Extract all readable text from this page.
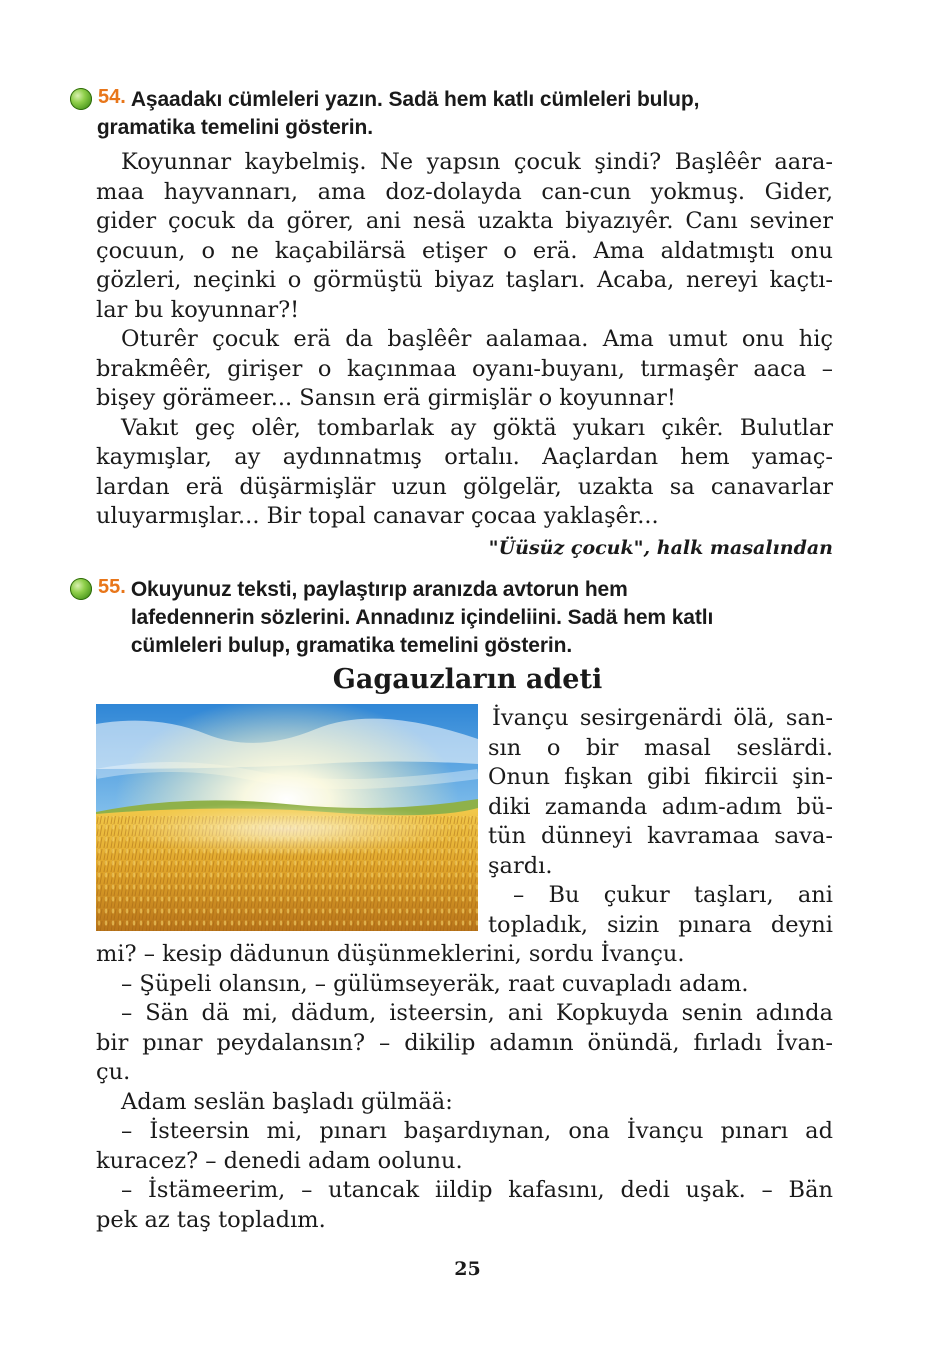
54. Aşaadakı cümleleri yazın. Sadä hem katlı cümleleri bulup,
gramatika temelini gösterin.
Koyunnar kaybelmiş. Ne yapsın çocuk şindi? Başlêêr aara-
maa hayvannarı, ama doz-dolayda can-cun yokmuş. Gider,
gider çocuk da görer, ani nesä uzakta biyazıyêr. Canı seviner
çocuun, o ne kaçabilärsä etişer o erä. Ama aldatmıştı onu
gözleri, neçinki o görmüştü biyaz taşları. Acaba, nereyi kaçtı-
lar bu koyunnar?!
Oturêr çocuk erä da başlêêr aalamaa. Ama umut onu hiç
brakmêêr, girişer o kaçınmaa oyanı-buyanı, tırmaşêr aaca –
bişey görämeer... Sansın erä girmişlär o koyunnar!
Vakıt geç olêr, tombarlak ay göktä yukarı çıkêr. Bulutlar
kaymışlar, ay aydınnatmış ortalıı. Aaçlardan hem yamaç-
lardan erä düşärmişlär uzun gölgelär, uzakta sa canavarlar
uluyarmışlar... Bir topal canavar çocaa yaklaşêr...
"Üüsüz çocuk", halk masalından
55. Okuyunuz teksti, paylaştırıp aranızda avtorun hem
lafedennerin sözlerini. Annadınız içindeliini. Sadä hem katlı
cümleleri bulup, gramatika temelini gösterin.
Gagauzların adeti
İvançu sesirgenärdi ölä, san-
sın o bir masal seslärdi.
Onun fışkan gibi fikircii şin-
diki zamanda adım-adım bü-
tün dünneyi kavramaa sava-
şardı.
– Bu çukur taşları, ani
topladık, sizin pınara deyni
mi? – kesip dädunun düşünmeklerini, sordu İvançu.
– Şüpeli olansın, – gülümseyeräk, raat cuvapladı adam.
– Sän dä mi, dädum, isteersin, ani Kopkuyda senin adında
bir pınar peydalansın? – dikilip adamın önündä, fırladı İvan-
çu.
Adam seslän başladı gülmää:
– İsteersin mi, pınarı başardıynan, ona İvançu pınarı ad
kuracez? – denedi adam oolunu.
– İstämeerim, – utancak iildip kafasını, dedi uşak. – Bän
pek az taş topladım.
25
